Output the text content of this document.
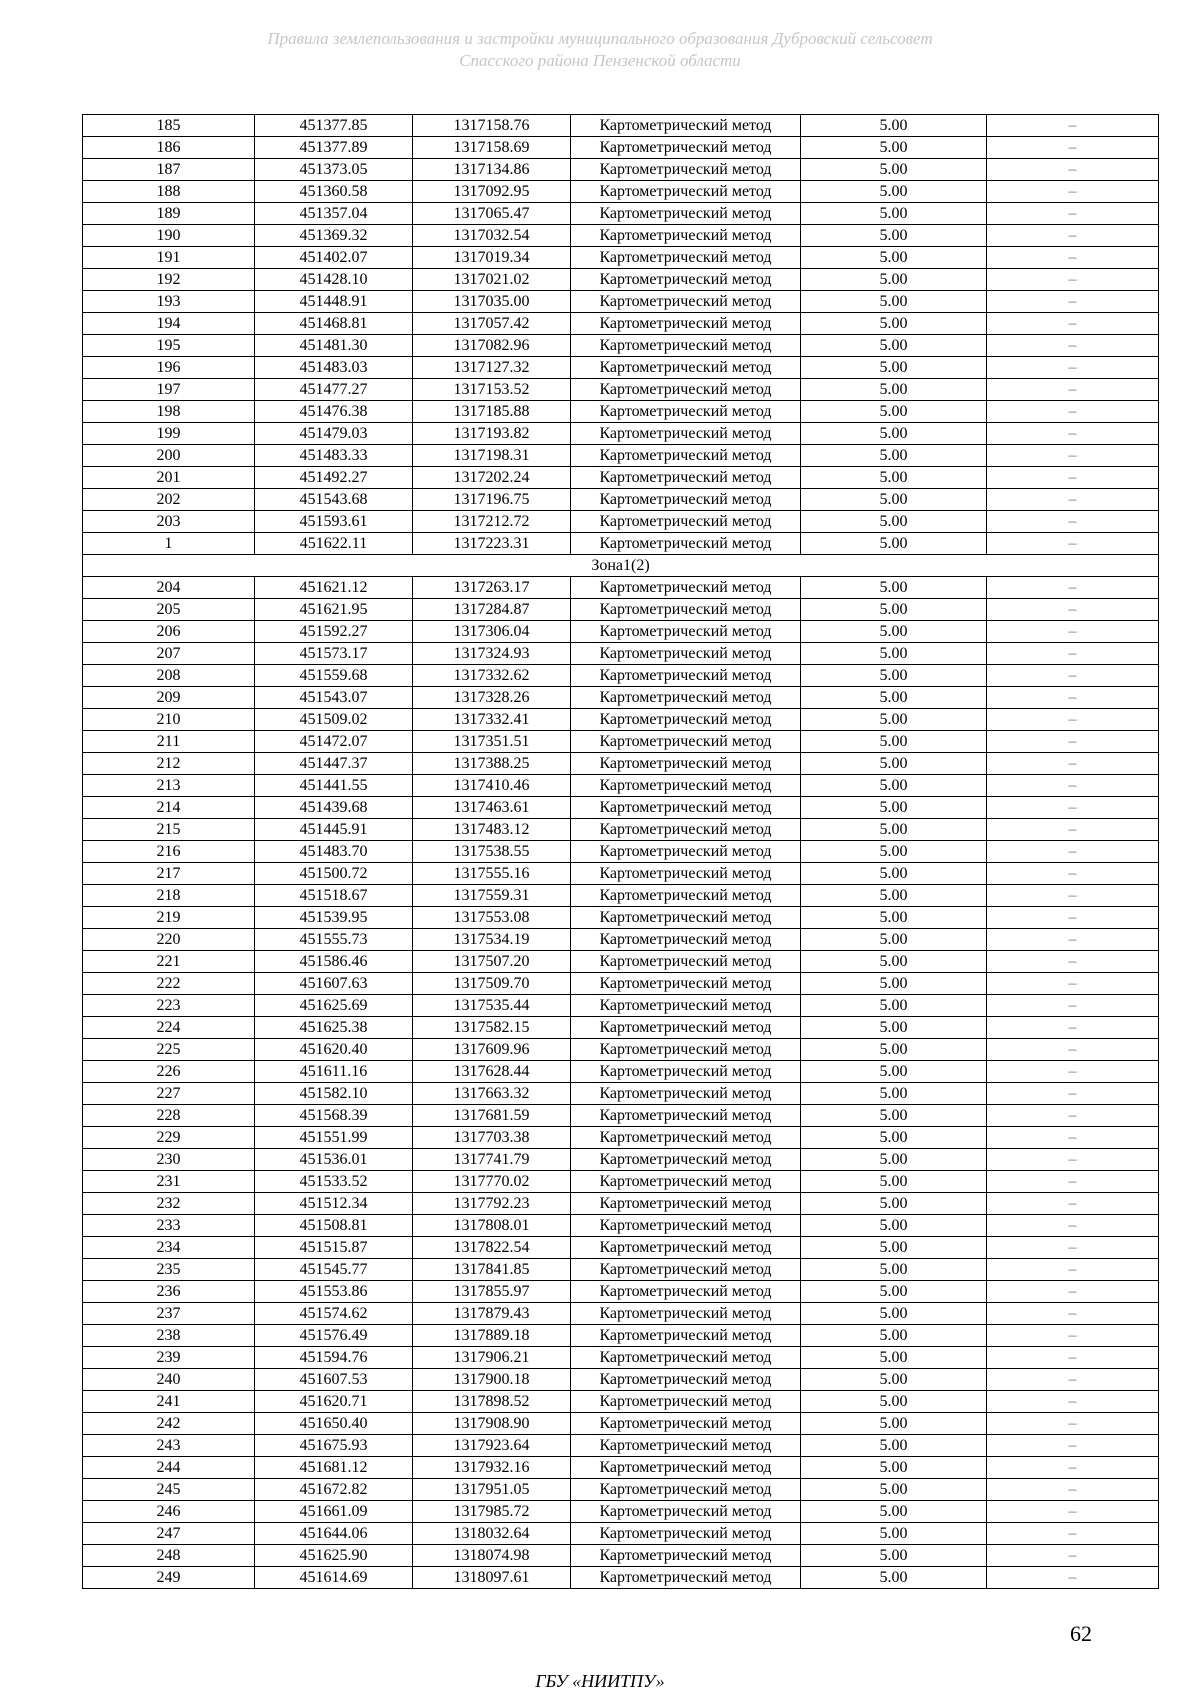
Правила землепользования и застройки муниципального образования Дубровский сельсовет
Спасского района Пензенской области
185	451377.85	1317158.76	Картометрический метод	5.00	–
186	451377.89	1317158.69	Картометрический метод	5.00	–
187	451373.05	1317134.86	Картометрический метод	5.00	–
188	451360.58	1317092.95	Картометрический метод	5.00	–
189	451357.04	1317065.47	Картометрический метод	5.00	–
190	451369.32	1317032.54	Картометрический метод	5.00	–
191	451402.07	1317019.34	Картометрический метод	5.00	–
192	451428.10	1317021.02	Картометрический метод	5.00	–
193	451448.91	1317035.00	Картометрический метод	5.00	–
194	451468.81	1317057.42	Картометрический метод	5.00	–
195	451481.30	1317082.96	Картометрический метод	5.00	–
196	451483.03	1317127.32	Картометрический метод	5.00	–
197	451477.27	1317153.52	Картометрический метод	5.00	–
198	451476.38	1317185.88	Картометрический метод	5.00	–
199	451479.03	1317193.82	Картометрический метод	5.00	–
200	451483.33	1317198.31	Картометрический метод	5.00	–
201	451492.27	1317202.24	Картометрический метод	5.00	–
202	451543.68	1317196.75	Картометрический метод	5.00	–
203	451593.61	1317212.72	Картометрический метод	5.00	–
1	451622.11	1317223.31	Картометрический метод	5.00	–
Зона1(2)					
204	451621.12	1317263.17	Картометрический метод	5.00	–
205	451621.95	1317284.87	Картометрический метод	5.00	–
206	451592.27	1317306.04	Картометрический метод	5.00	–
207	451573.17	1317324.93	Картометрический метод	5.00	–
208	451559.68	1317332.62	Картометрический метод	5.00	–
209	451543.07	1317328.26	Картометрический метод	5.00	–
210	451509.02	1317332.41	Картометрический метод	5.00	–
211	451472.07	1317351.51	Картометрический метод	5.00	–
212	451447.37	1317388.25	Картометрический метод	5.00	–
213	451441.55	1317410.46	Картометрический метод	5.00	–
214	451439.68	1317463.61	Картометрический метод	5.00	–
215	451445.91	1317483.12	Картометрический метод	5.00	–
216	451483.70	1317538.55	Картометрический метод	5.00	–
217	451500.72	1317555.16	Картометрический метод	5.00	–
218	451518.67	1317559.31	Картометрический метод	5.00	–
219	451539.95	1317553.08	Картометрический метод	5.00	–
220	451555.73	1317534.19	Картометрический метод	5.00	–
221	451586.46	1317507.20	Картометрический метод	5.00	–
222	451607.63	1317509.70	Картометрический метод	5.00	–
223	451625.69	1317535.44	Картометрический метод	5.00	–
224	451625.38	1317582.15	Картометрический метод	5.00	–
225	451620.40	1317609.96	Картометрический метод	5.00	–
226	451611.16	1317628.44	Картометрический метод	5.00	–
227	451582.10	1317663.32	Картометрический метод	5.00	–
228	451568.39	1317681.59	Картометрический метод	5.00	–
229	451551.99	1317703.38	Картометрический метод	5.00	–
230	451536.01	1317741.79	Картометрический метод	5.00	–
231	451533.52	1317770.02	Картометрический метод	5.00	–
232	451512.34	1317792.23	Картометрический метод	5.00	–
233	451508.81	1317808.01	Картометрический метод	5.00	–
234	451515.87	1317822.54	Картометрический метод	5.00	–
235	451545.77	1317841.85	Картометрический метод	5.00	–
236	451553.86	1317855.97	Картометрический метод	5.00	–
237	451574.62	1317879.43	Картометрический метод	5.00	–
238	451576.49	1317889.18	Картометрический метод	5.00	–
239	451594.76	1317906.21	Картометрический метод	5.00	–
240	451607.53	1317900.18	Картометрический метод	5.00	–
241	451620.71	1317898.52	Картометрический метод	5.00	–
242	451650.40	1317908.90	Картометрический метод	5.00	–
243	451675.93	1317923.64	Картометрический метод	5.00	–
244	451681.12	1317932.16	Картометрический метод	5.00	–
245	451672.82	1317951.05	Картометрический метод	5.00	–
246	451661.09	1317985.72	Картометрический метод	5.00	–
247	451644.06	1318032.64	Картометрический метод	5.00	–
248	451625.90	1318074.98	Картометрический метод	5.00	–
249	451614.69	1318097.61	Картометрический метод	5.00	–
62
ГБУ «НИИТПУ»
